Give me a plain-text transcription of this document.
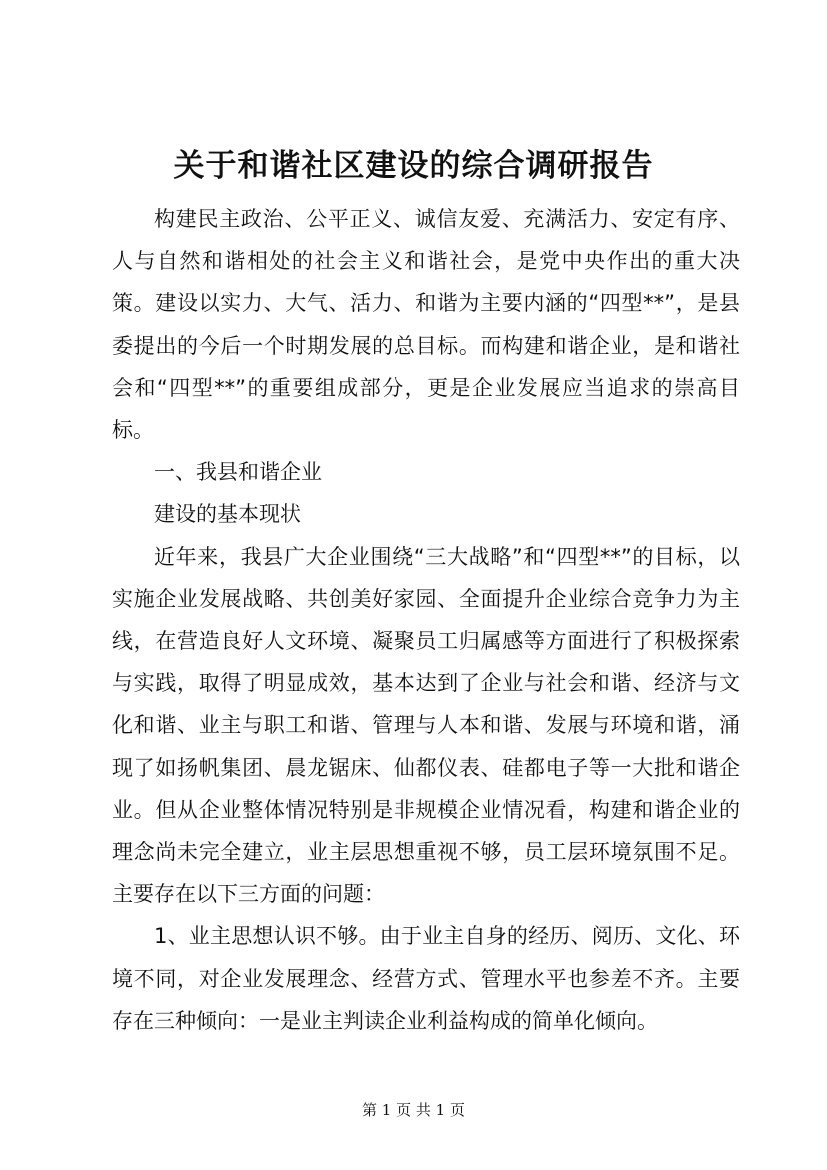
关于和谐社区建设的综合调研报告

构建民主政治、公平正义、诚信友爱、充满活力、安定有序、人与自然和谐相处的社会主义和谐社会，是党中央作出的重大决策。建设以实力、大气、活力、和谐为主要内涵的“四型**”，是县委提出的今后一个时期发展的总目标。而构建和谐企业，是和谐社会和“四型**”的重要组成部分，更是企业发展应当追求的崇高目标。

一、我县和谐企业

建设的基本现状

近年来，我县广大企业围绕“三大战略”和“四型**”的目标，以实施企业发展战略、共创美好家园、全面提升企业综合竞争力为主线，在营造良好人文环境、凝聚员工归属感等方面进行了积极探索与实践，取得了明显成效，基本达到了企业与社会和谐、经济与文化和谐、业主与职工和谐、管理与人本和谐、发展与环境和谐，涌现了如扬帆集团、晨龙锯床、仙都仪表、硅都电子等一大批和谐企业。但从企业整体情况特别是非规模企业情况看，构建和谐企业的理念尚未完全建立，业主层思想重视不够，员工层环境氛围不足。主要存在以下三方面的问题：

1、业主思想认识不够。由于业主自身的经历、阅历、文化、环境不同，对企业发展理念、经营方式、管理水平也参差不齐。主要存在三种倾向：一是业主判读企业利益构成的简单化倾向。

第 1 页 共 1 页
